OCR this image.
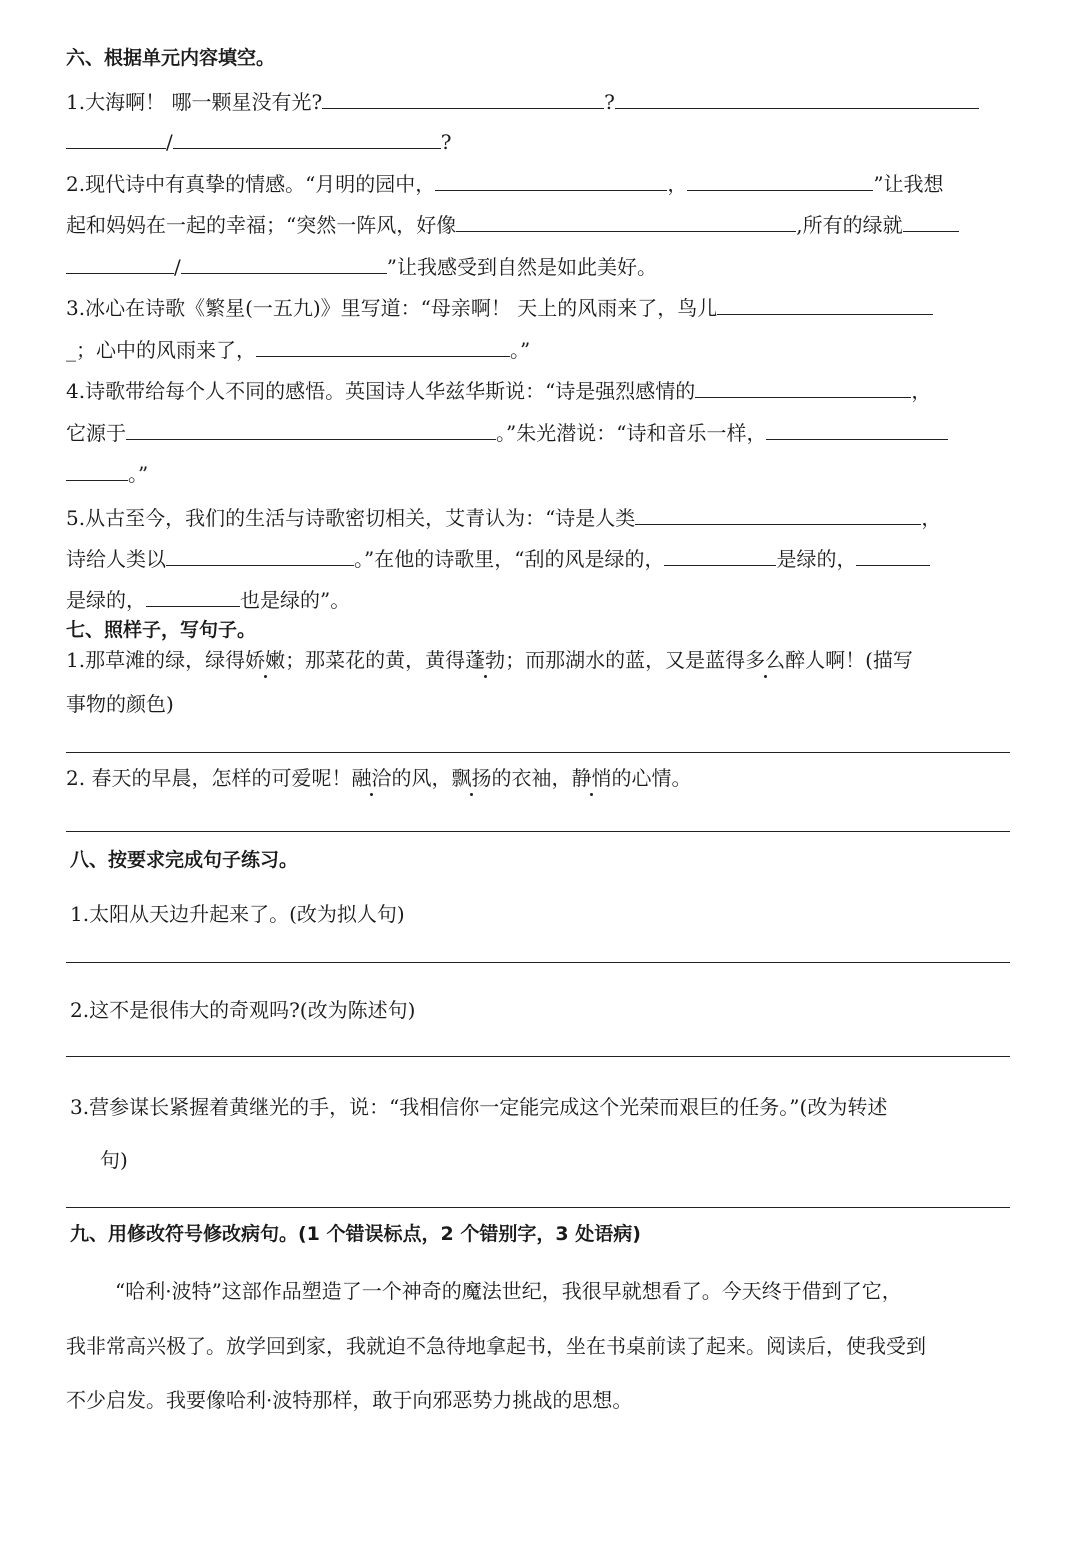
六、根据单元内容填空。
1.大海啊！ 哪一颗星没有光?	?
/	?
2.现代诗中有真挚的情感。“月明的园中，	，	”让我想
起和妈妈在一起的幸福；“突然一阵风，好像	,所有的绿就
/	”让我感受到自然是如此美好。
3.冰心在诗歌《繁星(一五九)》里写道：“母亲啊！ 天上的风雨来了，鸟儿
_；心中的风雨来了，	。”
4.诗歌带给每个人不同的感悟。英国诗人华兹华斯说：“诗是强烈感情的	，
它源于	。”朱光潜说：“诗和音乐一样，
。”
5.从古至今，我们的生活与诗歌密切相关，艾青认为：“诗是人类	，
诗给人类以	。”在他的诗歌里，“刮的风是绿的，	是绿的，
是绿的，	也是绿的”。
七、照样子，写句子。
1.那草滩的绿，绿得娇嫩；那菜花的黄，黄得蓬勃；而那湖水的蓝，又是蓝得多么醉人啊！(描写
事物的颜色)
2. 春天的早晨，怎样的可爱呢！融洽的风，飘扬的衣袖，静悄的心情。
八、按要求完成句子练习。
1.太阳从天边升起来了。(改为拟人句)
2.这不是很伟大的奇观吗?(改为陈述句)
3.营参谋长紧握着黄继光的手，说：“我相信你一定能完成这个光荣而艰巨的任务。”(改为转述
句)
九、用修改符号修改病句。(1 个错误标点，2 个错别字，3 处语病)
“哈利·波特”这部作品塑造了一个神奇的魔法世纪，我很早就想看了。今天终于借到了它，
我非常高兴极了。放学回到家，我就迫不急待地拿起书，坐在书桌前读了起来。阅读后，使我受到
不少启发。我要像哈利·波特那样，敢于向邪恶势力挑战的思想。
